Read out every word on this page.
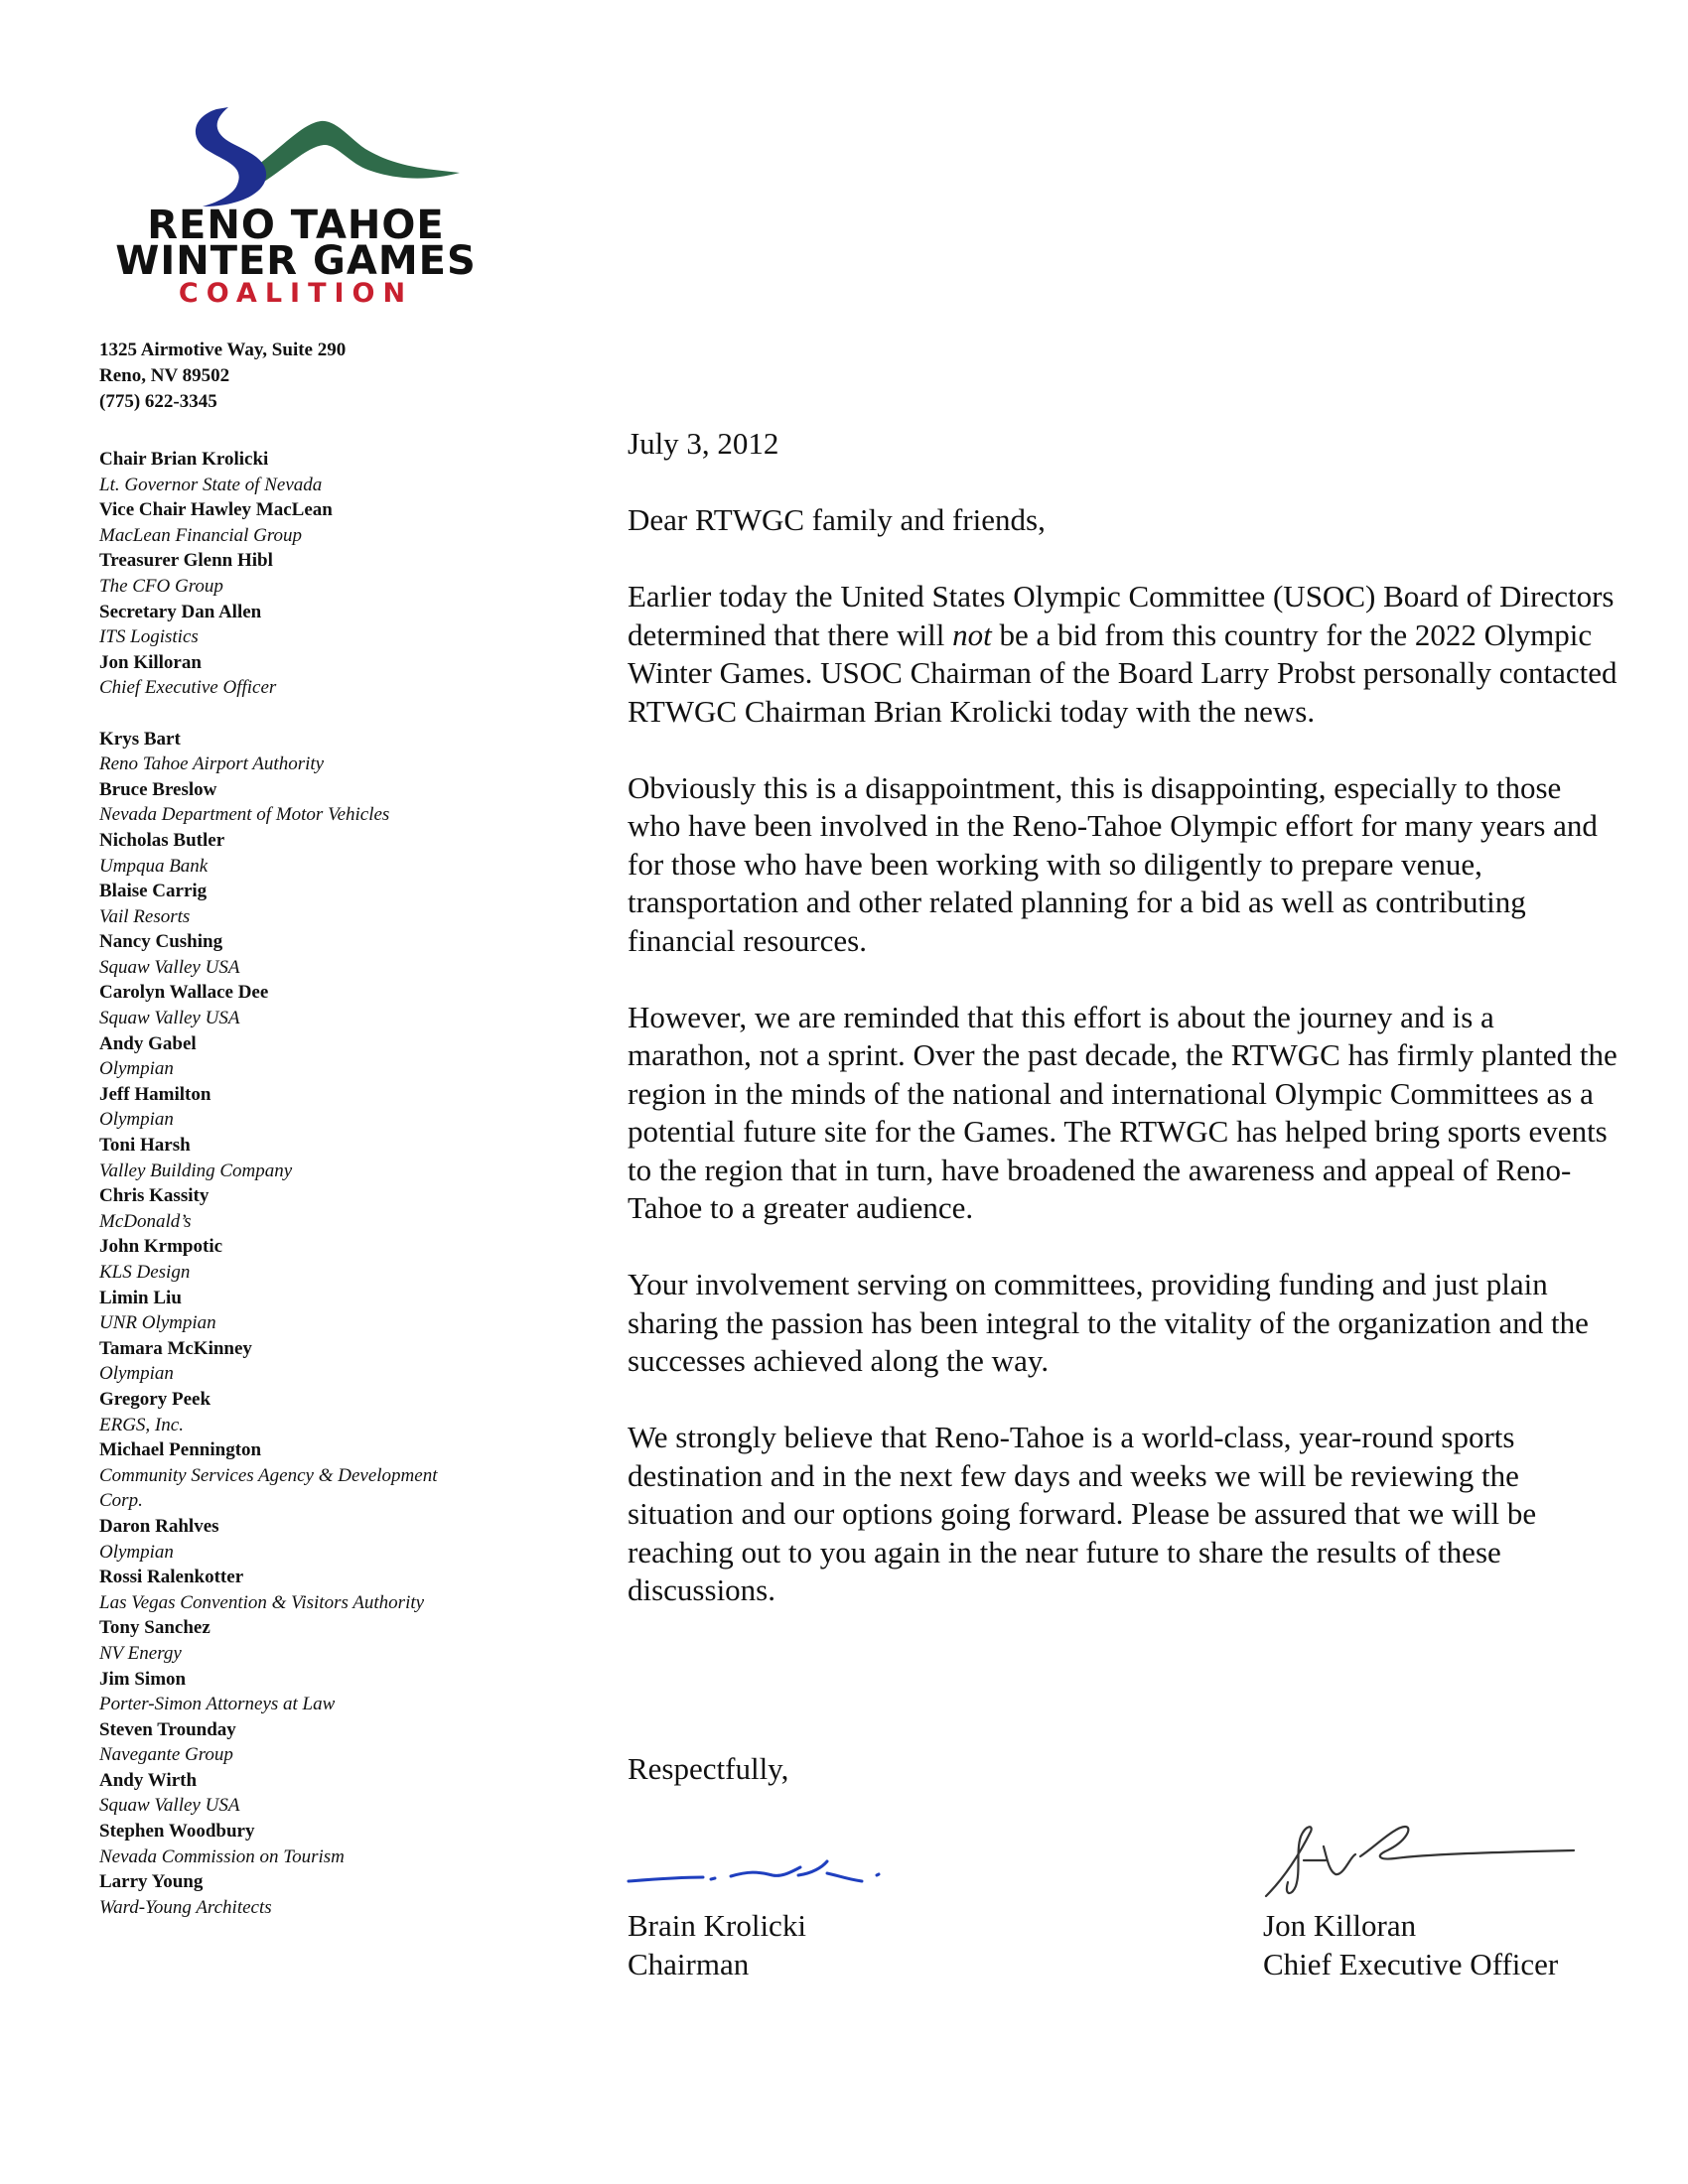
RENO TAHOE
WINTER GAMES
COALITION
1325 Airmotive Way, Suite 290
Reno, NV 89502
(775) 622-3345
Chair Brian Krolicki
Lt. Governor State of Nevada
Vice Chair Hawley MacLean
MacLean Financial Group
Treasurer Glenn Hibl
The CFO Group
Secretary Dan Allen
ITS Logistics
Jon Killoran
Chief Executive Officer
Krys Bart
Reno Tahoe Airport Authority
Bruce Breslow
Nevada Department of Motor Vehicles
Nicholas Butler
Umpqua Bank
Blaise Carrig
Vail Resorts
Nancy Cushing
Squaw Valley USA
Carolyn Wallace Dee
Squaw Valley USA
Andy Gabel
Olympian
Jeff Hamilton
Olympian
Toni Harsh
Valley Building Company
Chris Kassity
McDonald’s
John Krmpotic
KLS Design
Limin Liu
UNR Olympian
Tamara McKinney
Olympian
Gregory Peek
ERGS, Inc.
Michael Pennington
Community Services Agency & Development
Corp.
Daron Rahlves
Olympian
Rossi Ralenkotter
Las Vegas Convention & Visitors Authority
Tony Sanchez
NV Energy
Jim Simon
Porter-Simon Attorneys at Law
Steven Trounday
Navegante Group
Andy Wirth
Squaw Valley USA
Stephen Woodbury
Nevada Commission on Tourism
Larry Young
Ward-Young Architects

July 3, 2012

Dear RTWGC family and friends,

Earlier today the United States Olympic Committee (USOC) Board of Directors determined that there will not be a bid from this country for the 2022 Olympic Winter Games. USOC Chairman of the Board Larry Probst personally contacted RTWGC Chairman Brian Krolicki today with the news.

Obviously this is a disappointment, this is disappointing, especially to those who have been involved in the Reno-Tahoe Olympic effort for many years and for those who have been working with so diligently to prepare venue, transportation and other related planning for a bid as well as contributing financial resources.

However, we are reminded that this effort is about the journey and is a marathon, not a sprint. Over the past decade, the RTWGC has firmly planted the region in the minds of the national and international Olympic Committees as a potential future site for the Games. The RTWGC has helped bring sports events to the region that in turn, have broadened the awareness and appeal of Reno-Tahoe to a greater audience.

Your involvement serving on committees, providing funding and just plain sharing the passion has been integral to the vitality of the organization and the successes achieved along the way.

We strongly believe that Reno-Tahoe is a world-class, year-round sports destination and in the next few days and weeks we will be reviewing the situation and our options going forward. Please be assured that we will be reaching out to you again in the near future to share the results of these discussions.

Respectfully,
Brain Krolicki
Chairman
Jon Killoran
Chief Executive Officer
